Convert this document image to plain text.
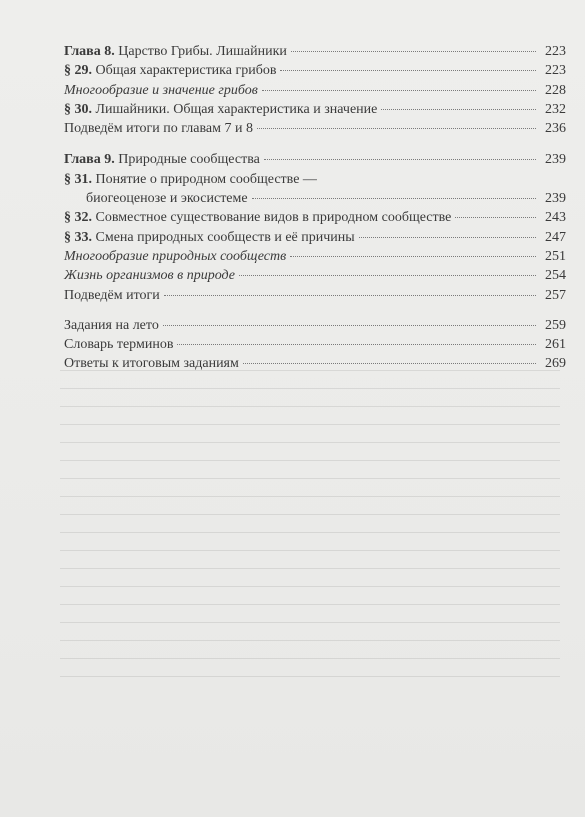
Глава 8. Царство Грибы. Лишайники	223
§ 29. Общая характеристика грибов	223
Многообразие и значение грибов	228
§ 30. Лишайники. Общая характеристика и значение	232
Подведём итоги по главам 7 и 8	236
Глава 9. Природные сообщества	239
§ 31. Понятие о природном сообществе —
биогеоценозе и экосистеме	239
§ 32. Совместное существование видов в природном сообществе	243
§ 33. Смена природных сообществ и её причины	247
Многообразие природных сообществ	251
Жизнь организмов в природе	254
Подведём итоги	257
Задания на лето	259
Словарь терминов	261
Ответы к итоговым заданиям	269
